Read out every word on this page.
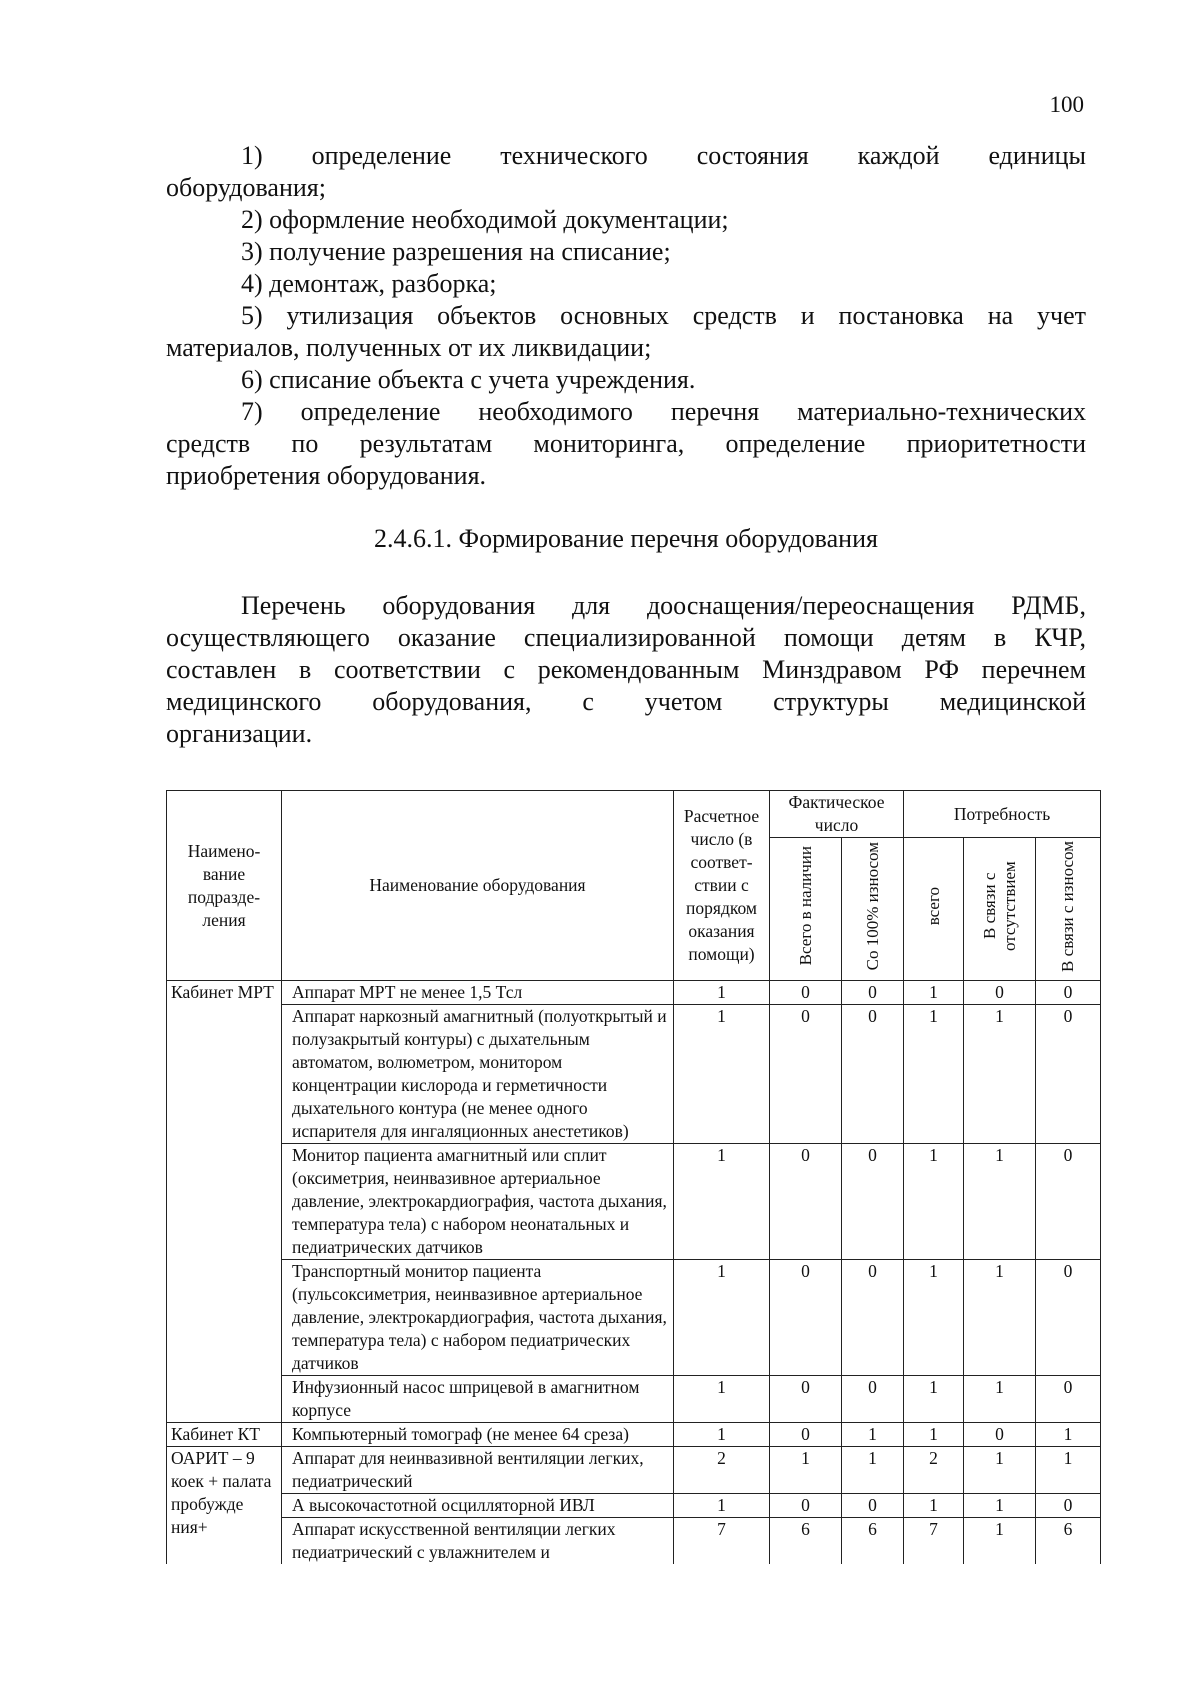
100
1)    определение    технического    состояния    каждой    единицы
оборудования;
2) оформление необходимой документации;
3) получение разрешения на списание;
4) демонтаж, разборка;
5) утилизация объектов основных средств и постановка на учет
материалов, полученных от их ликвидации;
6) списание объекта с учета учреждения.
7) определение необходимого перечня материально-технических
средств по результатам мониторинга, определение приоритетности
приобретения оборудования.
2.4.6.1. Формирование перечня оборудования
Перечень оборудования для дооснащения/переоснащения РДМБ,
осуществляющего оказание специализированной помощи детям в КЧР,
составлен в соответствии с рекомендованным Минздравом РФ перечнем
медицинского оборудования, с учетом структуры медицинской
организации.
Наимено-вание подразде-ления	Наименование оборудования	Расчетное число (в соответ-ствии с порядком оказания помощи)	Фактическое число		Потребность		
			Всего в наличии	Со 100% износом	всего	В связи с отсутствием	В связи с износом
Кабинет МРТ	Аппарат МРТ не менее 1,5 Тсл	1	0	0	1	0	0
	Аппарат наркозный амагнитный (полуоткрытый и полузакрытый контуры) с дыхательным автоматом, волюметром, монитором концентрации кислорода и герметичности дыхательного контура (не менее одного испарителя для ингаляционных анестетиков)	1	0	0	1	1	0
	Монитор пациента амагнитный или сплит (оксиметрия, неинвазивное артериальное давление, электрокардиография, частота дыхания, температура тела) с набором неонатальных и педиатрических датчиков	1	0	0	1	1	0
	Транспортный монитор пациента (пульсоксиметрия, неинвазивное артериальное давление, электрокардиография, частота дыхания, температура тела) с набором педиатрических датчиков	1	0	0	1	1	0
	Инфузионный насос шприцевой в амагнитном корпусе	1	0	0	1	1	0
Кабинет КТ	Компьютерный томограф (не менее 64 среза)	1	0	1	1	0	1
ОАРИТ – 9 коек + палата пробужде ния+	Аппарат для неинвазивной вентиляции легких, педиатрический	2	1	1	2	1	1
	А высокочастотной осцилляторной ИВЛ	1	0	0	1	1	0
	Аппарат искусственной вентиляции легких педиатрический с увлажнителем и	7	6	6	7	1	6
